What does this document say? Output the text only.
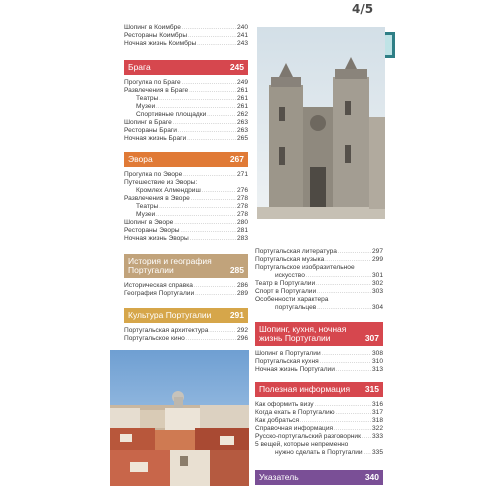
4/5
Шопинг в Коимбре .....	240
Рестораны Коимбры .....	241
Ночная жизнь Коимбры .....	243
Брага	245
Прогулка по Браге .....	249
Развлечения в Браге .....	261
Театры .....	261
Музеи .....	261
Спортивные площадки .....	262
Шопинг в Браге .....	263
Рестораны Браги .....	263
Ночная жизнь Браги .....	265
Эвора	267
Прогулка по Эворе .....	271
Путешествие из Эворы:
Кромлех Алмендриш .....	276
Развлечения в Эворе .....	278
Театры .....	278
Музеи .....	278
Шопинг в Эворе .....	280
Рестораны Эворы .....	281
Ночная жизнь Эворы .....	283
История и география
Португалии	285
Историческая справка .....	286
География Португалии .....	289
Культура Португалии 291
Португальская архитектура .....	292
Португальское кино .....	296
Португальская литература .....	297
Португальская музыка .....	299
Португальское изобразительное
искусство .....	301
Театр в Португалии .....	302
Спорт в Португалии .....	303
Особенности характера
португальцев .....	304
Шопинг, кухня, ночная
жизнь Португалии	307
Шопинг в Португалии .....	308
Португальская кухня .....	310
Ночная жизнь Португалии .....	313
Полезная информация 315
Как оформить визу .....	316
Когда ехать в Португалию .....	317
Как добраться .....	318
Справочная информация .....	322
Русско-португальский разговорник ..... 333
5 вещей, которые непременно
нужно сделать в Португалии ..... 335
Указатель	340
